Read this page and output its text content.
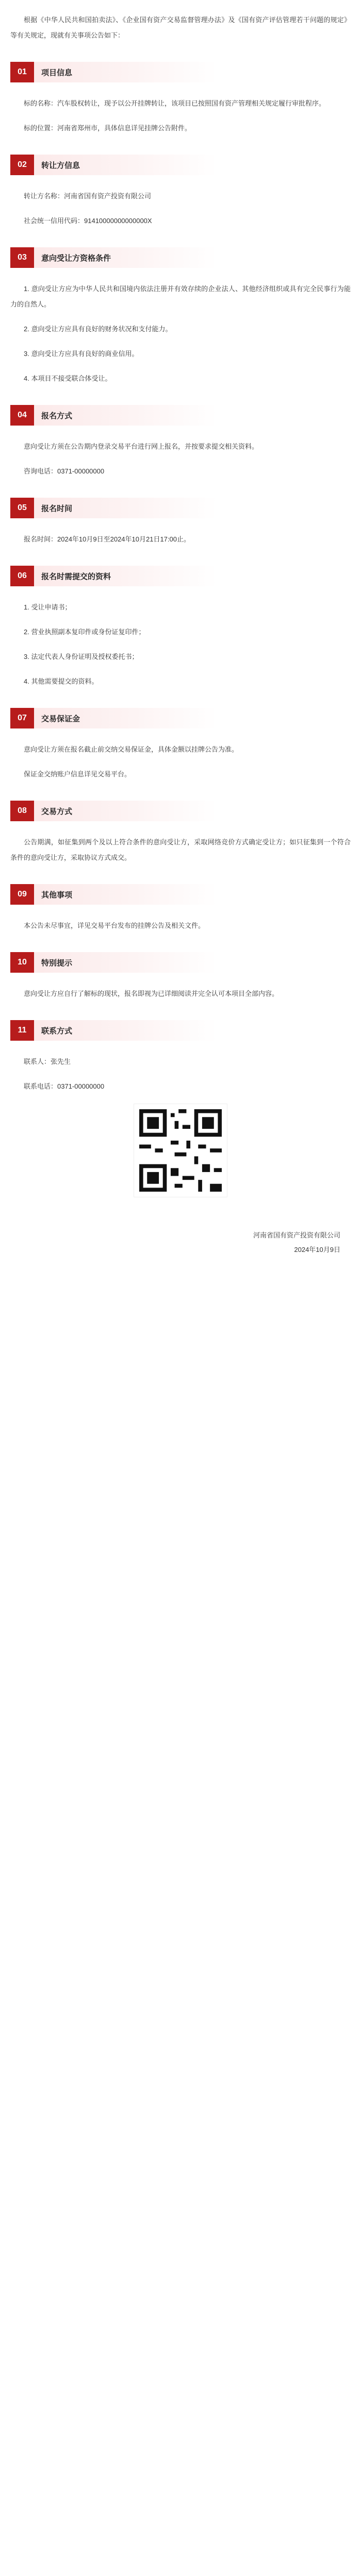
根据《中华人民共和国拍卖法》、《企业国有资产交易监督管理办法》及《国有资产评估管理若干问题的规定》等有关规定，现就有关事项公告如下：

01	项目信息

标的名称：汽车股权转让，现予以公开挂牌转让，该项目已按照国有资产管理相关规定履行审批程序。

标的位置：河南省郑州市，具体信息详见挂牌公告附件。

02	转让方信息

转让方名称：河南省国有资产投资有限公司

社会统一信用代码：91410000000000000X

03	意向受让方资格条件

1. 意向受让方应为中华人民共和国境内依法注册并有效存续的企业法人、其他经济组织或具有完全民事行为能力的自然人。

2. 意向受让方应具有良好的财务状况和支付能力。

3. 意向受让方应具有良好的商业信用。

4. 本项目不接受联合体受让。

04	报名方式

意向受让方须在公告期内登录交易平台进行网上报名，并按要求提交相关资料。

咨询电话：0371-00000000

05	报名时间

报名时间：2024年10月9日至2024年10月21日17:00止。

06	报名时需提交的资料

1. 受让申请书；

2. 营业执照副本复印件或身份证复印件；

3. 法定代表人身份证明及授权委托书；

4. 其他需要提交的资料。

07	交易保证金

意向受让方须在报名截止前交纳交易保证金，具体金额以挂牌公告为准。

保证金交纳账户信息详见交易平台。

08	交易方式

公告期满，如征集到两个及以上符合条件的意向受让方，采取网络竞价方式确定受让方；如只征集到一个符合条件的意向受让方，采取协议方式成交。

09	其他事项

本公告未尽事宜，详见交易平台发布的挂牌公告及相关文件。

10	特别提示

意向受让方应自行了解标的现状，报名即视为已详细阅读并完全认可本项目全部内容。

11	联系方式

联系人：张先生

联系电话：0371-00000000

河南省国有资产投资有限公司

2024年10月9日
